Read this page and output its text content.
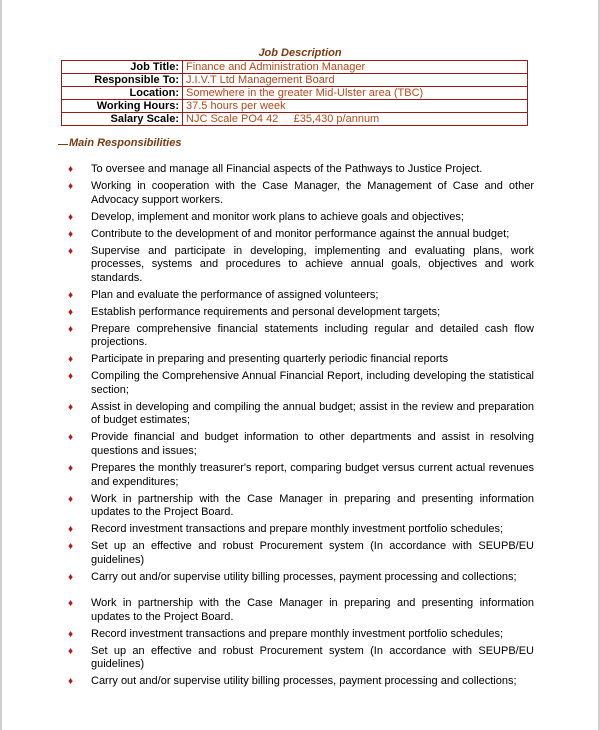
Job Description
Job Title:	Finance and Administration Manager
Responsible To:	J.I.V.T Ltd Management Board
Location:	Somewhere in the greater Mid-Ulster area (TBC)
Working Hours:	37.5 hours per week
Salary Scale:	NJC Scale PO4 42     £35,430 p/annum
Main Responsibilities
♦ To oversee and manage all Financial aspects of the Pathways to Justice Project.
♦ Working in cooperation with the Case Manager, the Management of Case and other Advocacy support workers.
♦ Develop, implement and monitor work plans to achieve goals and objectives;
♦ Contribute to the development of and monitor performance against the annual budget;
♦ Supervise and participate in developing, implementing and evaluating plans, work processes, systems and procedures to achieve annual goals, objectives and work standards.
♦ Plan and evaluate the performance of assigned volunteers;
♦ Establish performance requirements and personal development targets;
♦ Prepare comprehensive financial statements including regular and detailed cash flow projections.
♦ Participate in preparing and presenting quarterly periodic financial reports
♦ Compiling the Comprehensive Annual Financial Report, including developing the statistical section;
♦ Assist in developing and compiling the annual budget; assist in the review and preparation of budget estimates;
♦ Provide financial and budget information to other departments and assist in resolving questions and issues;
♦ Prepares the monthly treasurer's report, comparing budget versus current actual revenues and expenditures;
♦ Work in partnership with the Case Manager in preparing and presenting information updates to the Project Board.
♦ Record investment transactions and prepare monthly investment portfolio schedules;
♦ Set up an effective and robust Procurement system (In accordance with SEUPB/EU guidelines)
♦ Carry out and/or supervise utility billing processes, payment processing and collections;
♦ Work in partnership with the Case Manager in preparing and presenting information updates to the Project Board.
♦ Record investment transactions and prepare monthly investment portfolio schedules;
♦ Set up an effective and robust Procurement system (In accordance with SEUPB/EU guidelines)
♦ Carry out and/or supervise utility billing processes, payment processing and collections;
